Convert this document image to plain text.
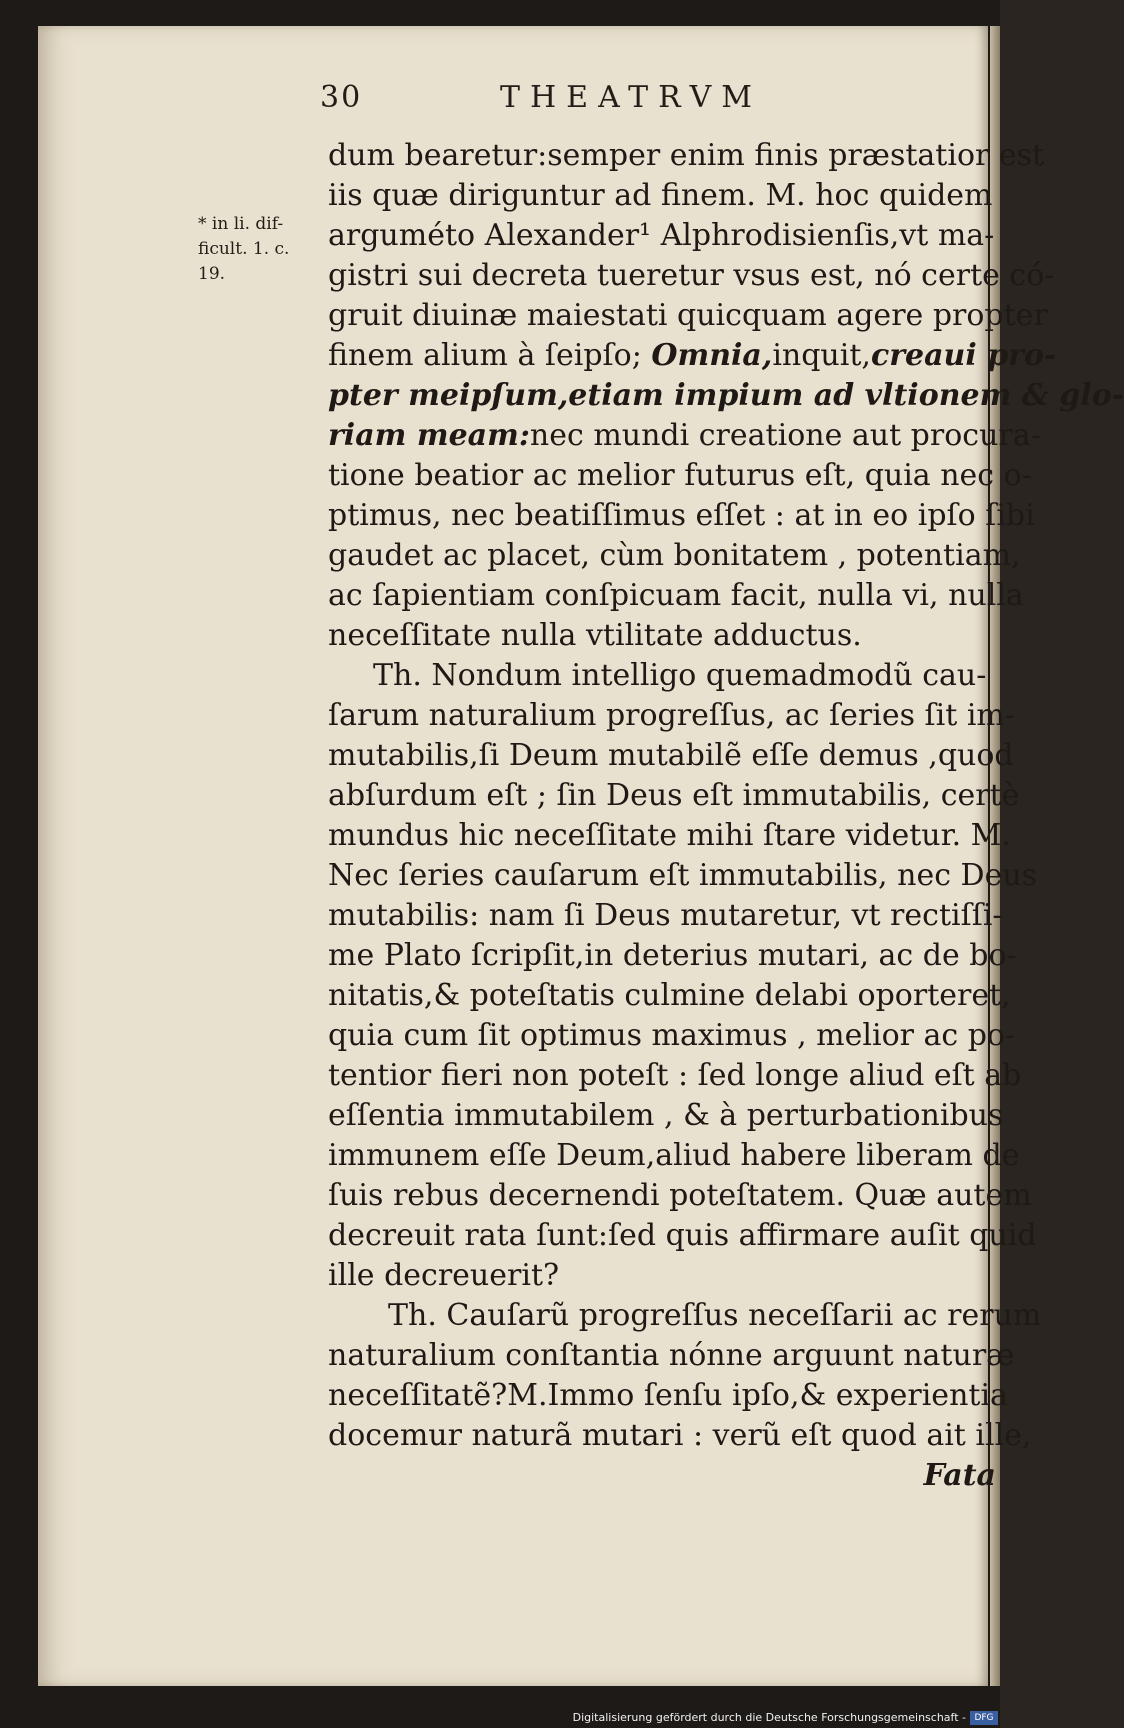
30	THEATRVM
* in li. dif-
ficult. 1. c.
19.
dum bearetur:semper enim finis præstatior est
iis quæ diriguntur ad finem. M. hoc quidem
arguméto Alexander¹ Alphrodisienſis,vt ma-
gistri sui decreta tueretur vsus est, nó certe có-
gruit diuinæ maiestati quicquam agere propter
finem alium à ſeipſo; Omnia,inquit,creaui pro-
pter meipſum,etiam impium ad vltionem & glo-
riam meam:nec mundi creatione aut procura-
tione beatior ac melior futurus eſt, quia nec o-
ptimus, nec beatiſſimus eſſet : at in eo ipſo ſibi
gaudet ac placet, cùm bonitatem , potentiam,
ac ſapientiam conſpicuam facit, nulla vi, nulla
neceſſitate nulla vtilitate adductus.
Th. Nondum intelligo quemadmodũ cau-
ſarum naturalium progreſſus, ac ſeries ſit im-
mutabilis,ſi Deum mutabilẽ eſſe demus ,quod
abſurdum eſt ; ſin Deus eſt immutabilis, certè
mundus hic neceſſitate mihi ſtare videtur. M.
Nec ſeries cauſarum eſt immutabilis, nec Deus
mutabilis: nam ſi Deus mutaretur, vt rectiſſi-
me Plato ſcripſit,in deterius mutari, ac de bo-
nitatis,& poteſtatis culmine delabi oporteret,
quia cum ſit optimus maximus , melior ac po-
tentior fieri non poteſt : ſed longe aliud eſt ab
eſſentia immutabilem , & à perturbationibus
immunem eſſe Deum,aliud habere liberam de
ſuis rebus decernendi poteſtatem. Quæ autem
decreuit rata ſunt:ſed quis affirmare auſit quid
ille decreuerit?
Th. Cauſarũ progreſſus neceſſarii ac rerum
naturalium conſtantia nónne arguunt naturæ
neceſſitatẽ?M.Immo ſenſu ipſo,& experientia
docemur naturã mutari : verũ eſt quod ait ille,
Fata
Digitalisierung gefördert durch die Deutsche Forschungsgemeinschaft - DFG
